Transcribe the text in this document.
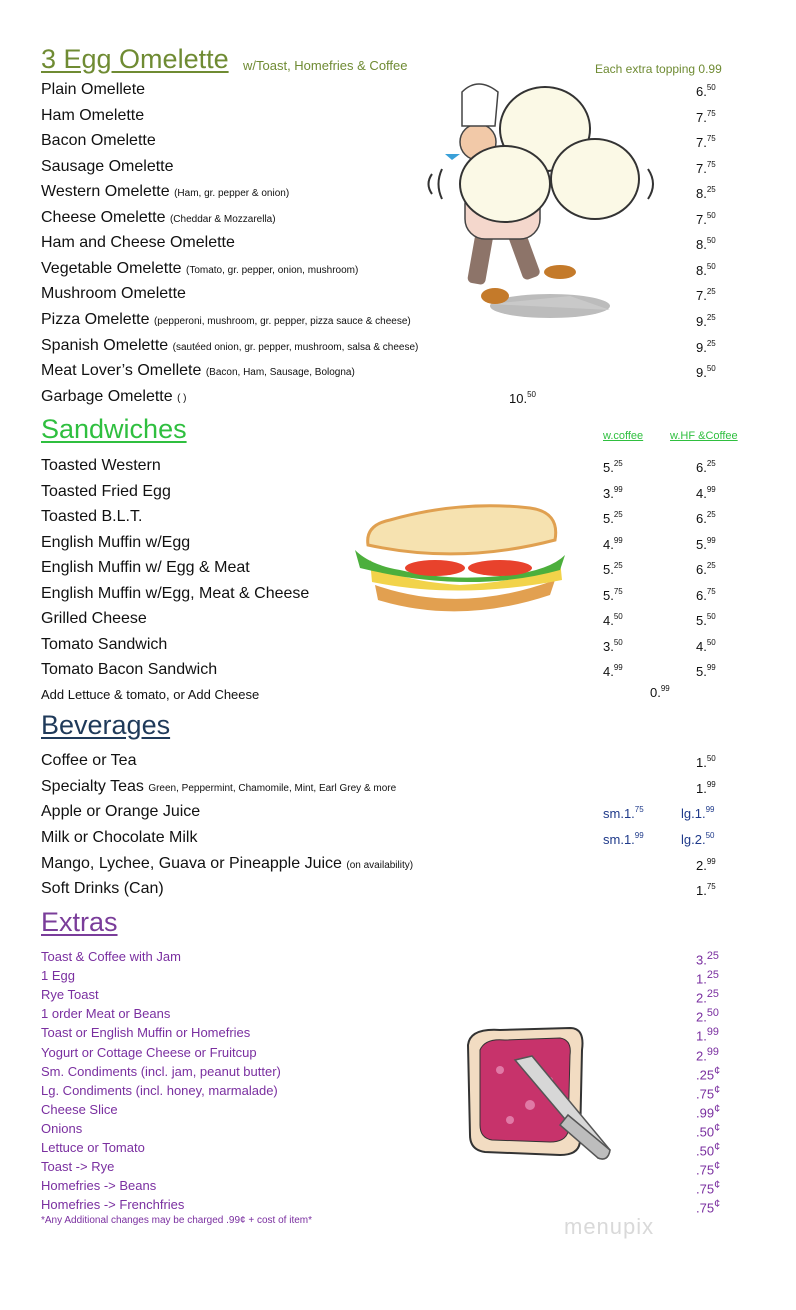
3 Egg Omelette w/Toast, Homefries & Coffee	Each extra topping 0.99
Plain Omellete	6.50
Ham Omelette	7.75
Bacon Omelette	7.75
Sausage Omelette	7.75
Western Omelette (Ham, gr. pepper & onion)	8.25
Cheese Omelette (Cheddar & Mozzarella)	7.50
Ham and Cheese Omelette	8.50
Vegetable Omelette (Tomato, gr. pepper, onion, mushroom)	8.50
Mushroom Omelette	7.25
Pizza Omelette (pepperoni, mushroom, gr. pepper, pizza sauce & cheese)	9.25
Spanish Omelette (sautéed onion, gr. pepper, mushroom, salsa & cheese)	9.25
Meat Lover’s Omellete (Bacon, Ham, Sausage, Bologna)	9.50
Garbage Omelette ( )	10.50
Sandwiches	w.coffee w.HF &Coffee
Toasted Western	5.25	6.25
Toasted Fried Egg	3.99	4.99
Toasted B.L.T.	5.25	6.25
English Muffin w/Egg	4.99	5.99
English Muffin w/ Egg & Meat	5.25	6.25
English Muffin w/Egg, Meat & Cheese	5.75	6.75
Grilled Cheese	4.50	5.50
Tomato Sandwich	3.50	4.50
Tomato Bacon Sandwich	4.99	5.99
Add Lettuce & tomato, or Add Cheese	0.99
Beverages
Coffee or Tea	1.50
Specialty Teas Green, Peppermint, Chamomile, Mint, Earl Grey & more	1.99
Apple or Orange Juice	sm.1.75	lg.1.99
Milk or Chocolate Milk	sm.1.99	lg.2.50
Mango, Lychee, Guava or Pineapple Juice (on availability)	2.99
Soft Drinks (Can)	1.75
Extras
Toast & Coffee with Jam	3.25
1 Egg	1.25
Rye Toast	2.25
1 order Meat or Beans	2.50
Toast or English Muffin or Homefries	1.99
Yogurt or Cottage Cheese or Fruitcup	2.99
Sm. Condiments (incl. jam, peanut butter)	.25¢
Lg. Condiments (incl. honey, marmalade)	.75¢
Cheese Slice	.99¢
Onions	.50¢
Lettuce or Tomato	.50¢
Toast -> Rye	.75¢
Homefries -> Beans	.75¢
Homefries -> Frenchfries	.75¢
*Any Additional changes may be charged .99¢ + cost of item*	menupix
